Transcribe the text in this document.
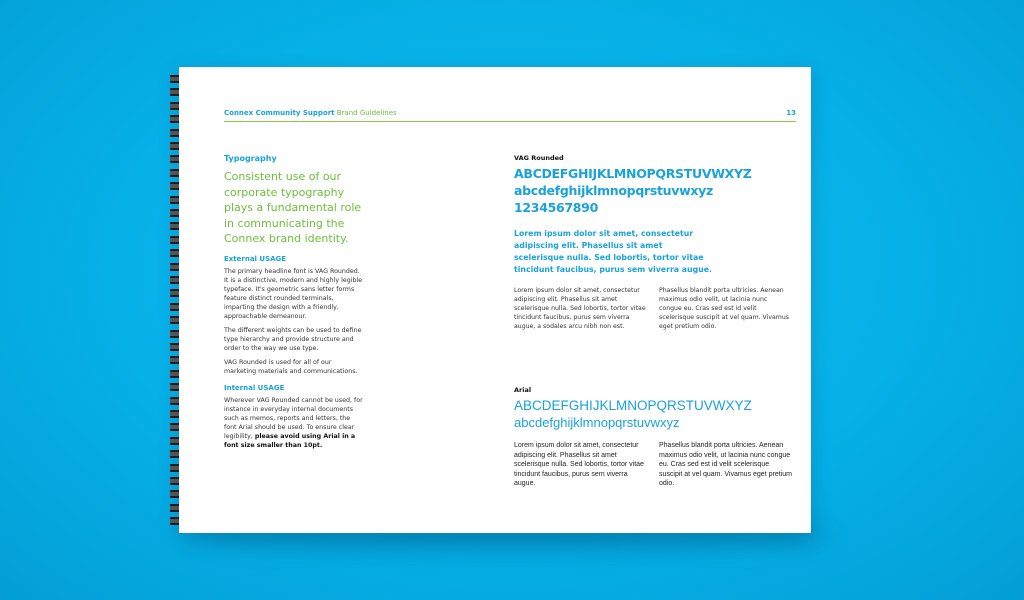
Connex Community Support Brand Guidelines	13
Typography
Consistent use of our corporate typography plays a fundamental role in communicating the Connex brand identity.
External USAGE

The primary headline font is VAG Rounded. It is a distinctive, modern and highly legible typeface. It's geometric sans letter forms feature distinct rounded terminals, imparting the design with a friendly, approachable demeanour.

The different weights can be used to define type hierarchy and provide structure and order to the way we use type.

VAG Rounded is used for all of our marketing materials and communications.

Internal USAGE

Wherever VAG Rounded cannot be used, for instance in everyday internal documents such as memos, reports and letters, the font Arial should be used. To ensure clear legibility, please avoid using Arial in a font size smaller than 10pt.

VAG Rounded
ABCDEFGHIJKLMNOPQRSTUVWXYZ
abcdefghijklmnopqrstuvwxyz
1234567890
Lorem ipsum dolor sit amet, consectetur adipiscing elit. Phasellus sit amet scelerisque nulla. Sed lobortis, tortor vitae tincidunt faucibus, purus sem viverra augue.
Lorem ipsum dolor sit amet, consectetur adipiscing elit. Phasellus sit amet scelerisque nulla. Sed lobortis, tortor vitae tincidunt faucibus, purus sem viverra augue, a sodales arcu nibh non est.
Phasellus blandit porta ultricies. Aenean maximus odio velit, ut lacinia nunc congue eu. Cras sed est id velit scelerisque suscipit at vel quam. Vivamus eget pretium odio.
Arial
ABCDEFGHIJKLMNOPQRSTUVWXYZ
abcdefghijklmnopqrstuvwxyz
Lorem ipsum dolor sit amet, consectetur adipiscing elit. Phasellus sit amet scelerisque nulla. Sed lobortis, tortor vitae tincidunt faucibus, purus sem viverra augue.
Phasellus blandit porta ultricies. Aenean maximus odio velit, ut lacinia nunc congue eu. Cras sed est id velit scelerisque suscipit at vel quam. Vivamus eget pretium odio.
